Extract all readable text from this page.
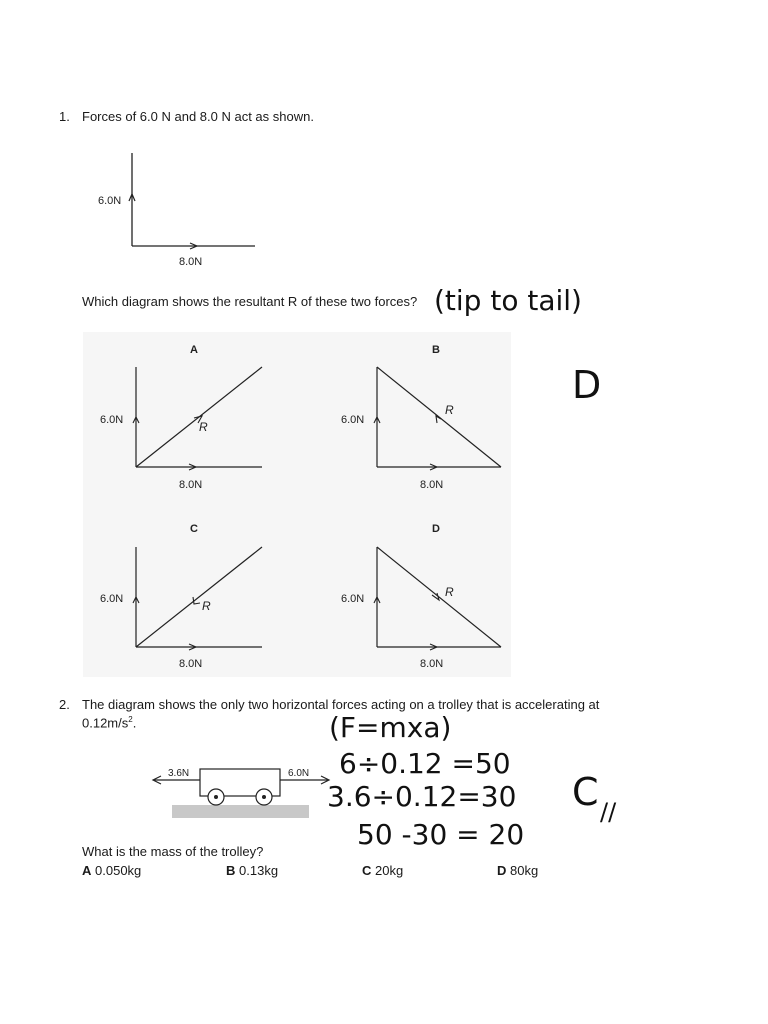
1. Forces of 6.0 N and 8.0 N act as shown.
6.0N
8.0N
Which diagram shows the resultant R of these two forces? (tip to tail)
A
6.0N
8.0N
R
B
6.0N
8.0N
R
C
6.0N
8.0N
R
D
6.0N
8.0N
R
D
2. The diagram shows the only two horizontal forces acting on a trolley that is accelerating at
$0.12m/s^2$.
3.6N	6.0N
(F=mxa)
6÷0.12 =50
3.6÷0.12=30
50 -30 = 20
C //
What is the mass of the trolley?
A 0.050kg	B 0.13kg	C 20kg	D 80kg
